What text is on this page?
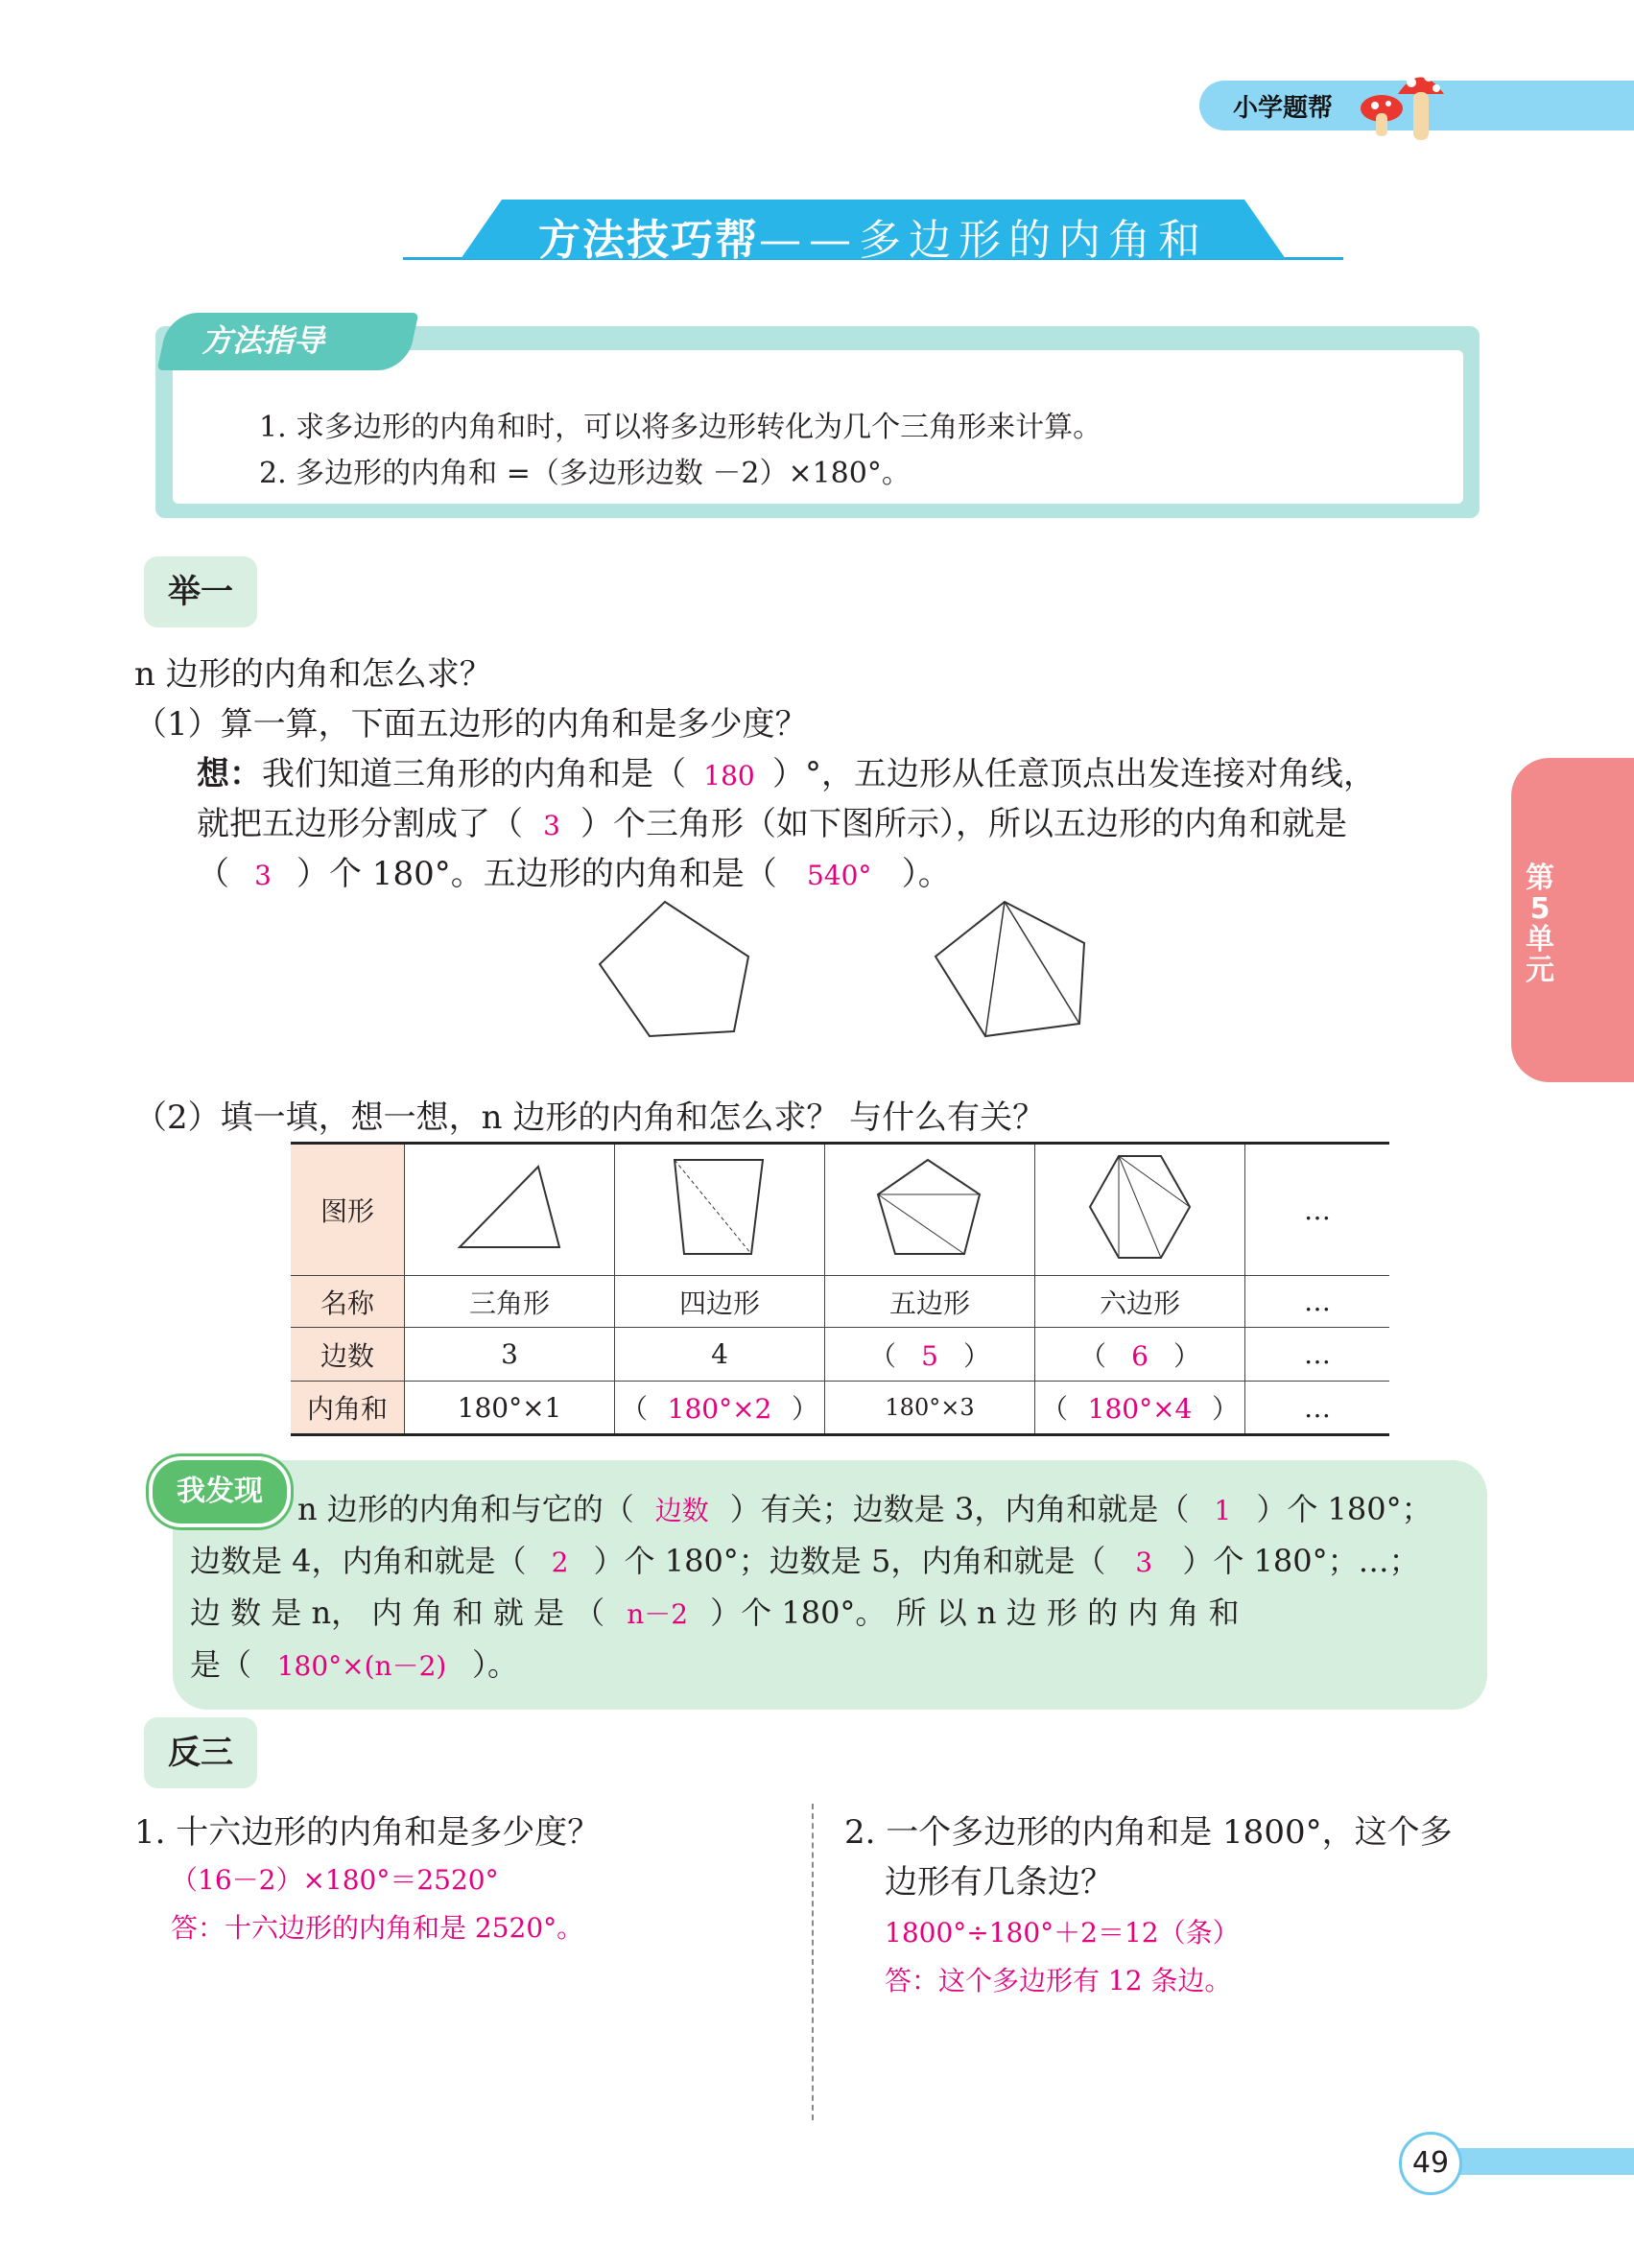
小学题帮
方法技巧帮——多边形的内角和
方法指导
1. 求多边形的内角和时，可以将多边形转化为几个三角形来计算。
2. 多边形的内角和 =（多边形边数 －2）×180°。
举一
n 边形的内角和怎么求？
（1）算一算，下面五边形的内角和是多少度？
想：我们知道三角形的内角和是（ 180 ）°，五边形从任意顶点出发连接对角线，
就把五边形分割成了（ 3 ）个三角形（如下图所示），所以五边形的内角和就是
（ 3 ）个 180°。五边形的内角和是（ 540° ）。
（2）填一填，想一想，n 边形的内角和怎么求？ 与什么有关？
图形					…
名称	三角形	四边形	五边形	六边形	…
边数	3	4	（ 5 ）	（ 6 ）	…
内角和	180°×1	（ 180°×2 ）	180°×3	（ 180°×4 ）	…
我发现	n 边形的内角和与它的（ 边数 ）有关；边数是 3，内角和就是（ 1 ）个 180°；
边数是 4，内角和就是（ 2 ）个 180°；边数是 5，内角和就是（ 3 ）个 180°；…；
边 数 是 n， 内 角 和 就 是 （ n－2 ）个 180°。 所 以 n 边 形 的 内 角 和
是（ 180°×(n－2) ）。
反三
1. 十六边形的内角和是多少度？
（16－2）×180°＝2520°
答：十六边形的内角和是 2520°。
2. 一个多边形的内角和是 1800°，这个多
边形有几条边？
1800°÷180°＋2＝12（条）
答：这个多边形有 12 条边。
第5单元
49
